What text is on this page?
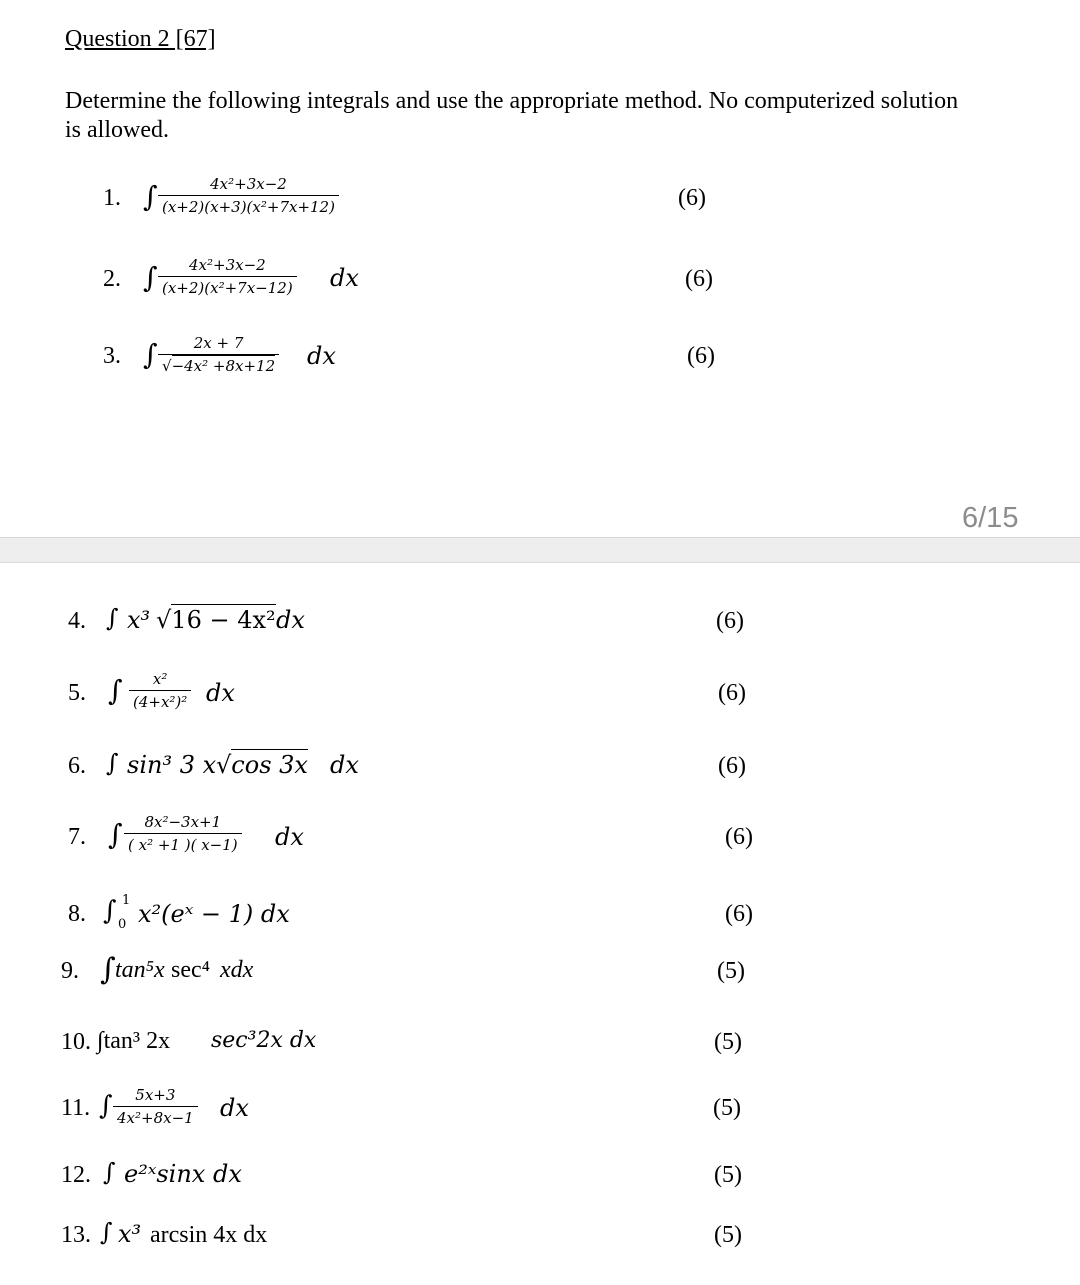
Question 2 [67]
Determine the following integrals and use the appropriate method. No computerized solution
is allowed.
1. ∫ $\frac{\text{4x²+3x−2}}{\text{(x+2)(x+3)(x²+7x+12)}}$	(6)
2. ∫ $\frac{\text{4x²+3x−2}}{\text{(x+2)(x²+7x−12)}}$ dx	(6)
3. ∫ $\frac{2x + 7}{\text{√−4x² +8x+12}}$ dx	(6)
6/15
4. ∫ x³ √16 − 4x² dx	(6)
5. ∫ $\frac{\text{x²}}{\text{(4+x²)²}}$ dx	(6)
6. ∫ sin³ 3 x √cos 3x dx	(6)
7. ∫ $\frac{\text{8x²−3x+1}}{\text{( x² +1 )( x−1)}}$ dx	(6)
8. ∫ 1
0 x²(eˣ − 1) dx	(6)
9. ∫ tan⁵x sec⁴ xdx	(5)
10. ∫tan³ 2x sec³2x dx	(5)
11. ∫ $\frac{5x+3}{\text{4x²+8x−1}}$ dx	(5)
12. ∫ e²ˣsinx dx	(5)
13. ∫ x³ arcsin 4x dx	(5)
